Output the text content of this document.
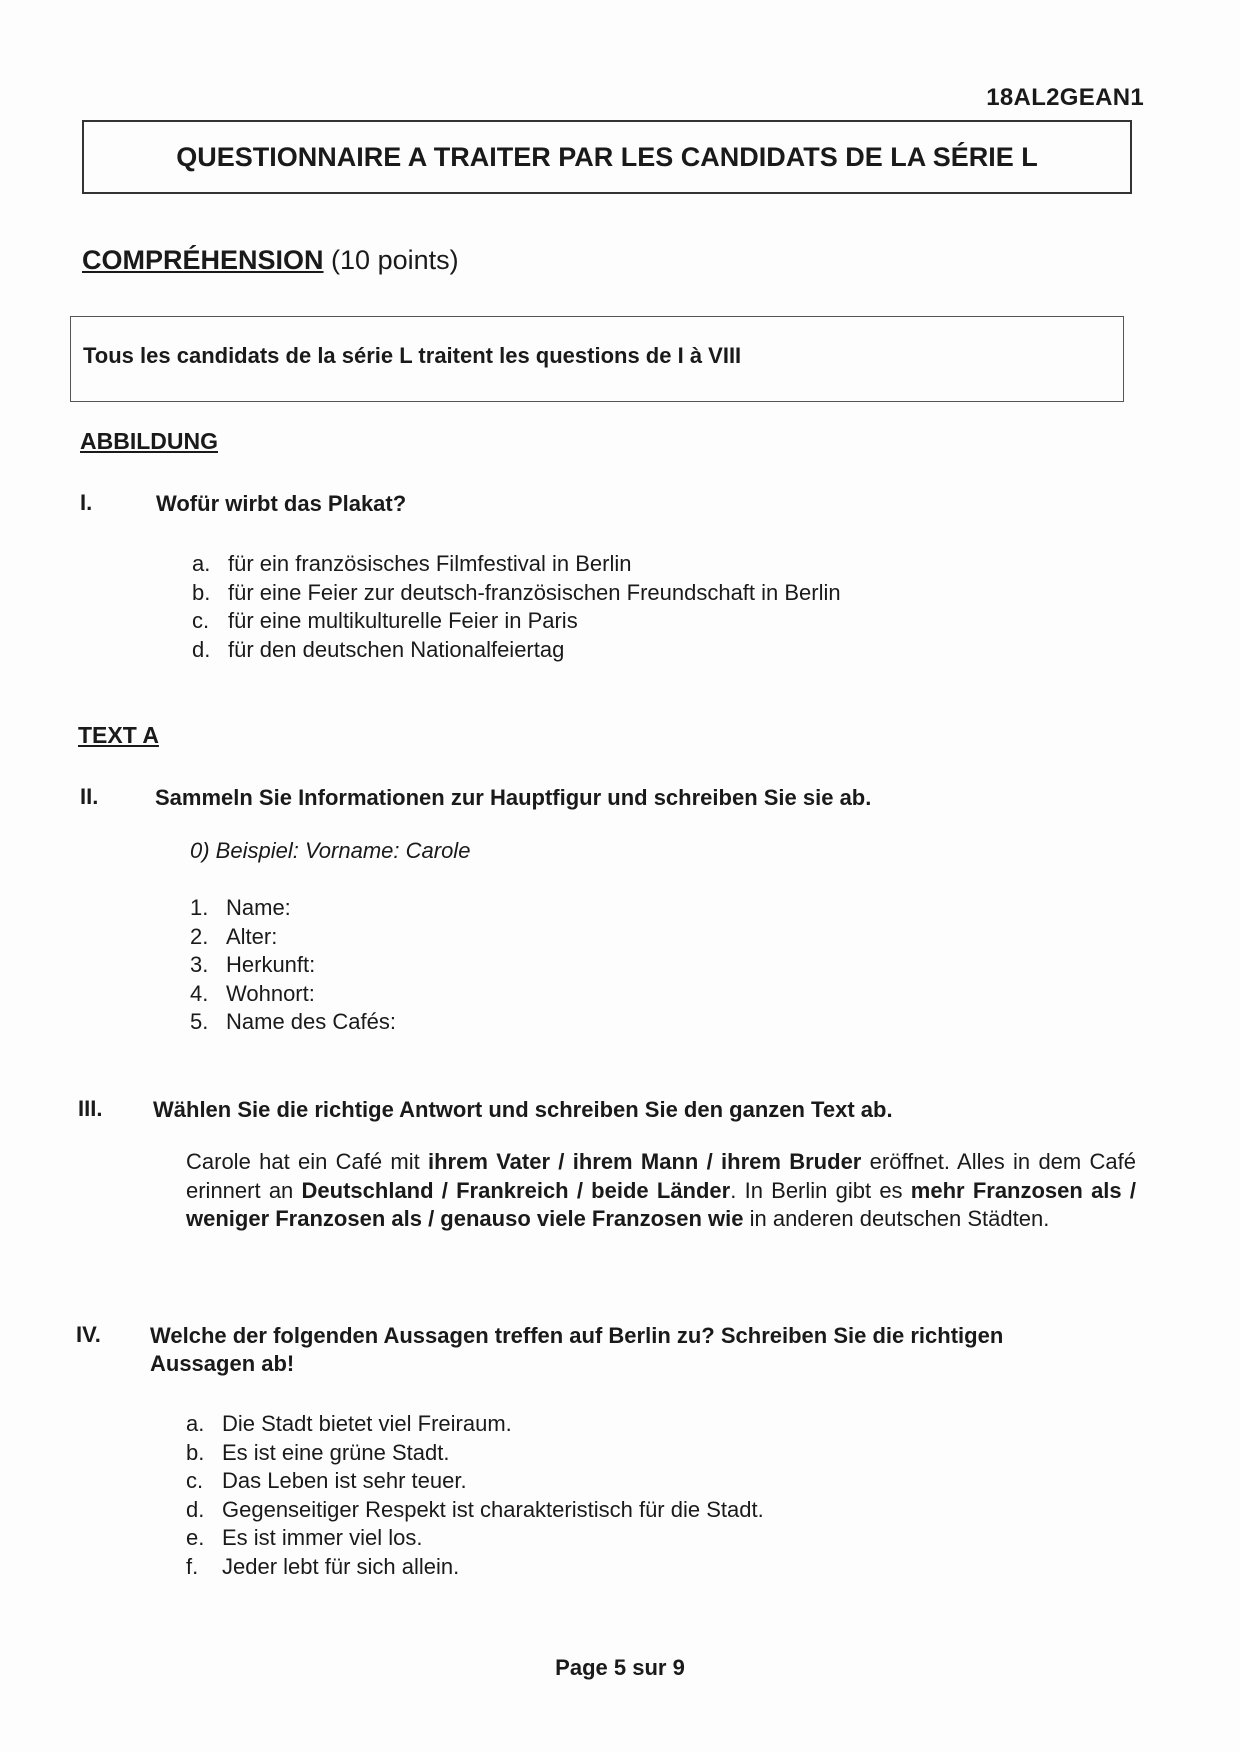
18AL2GEAN1
QUESTIONNAIRE A TRAITER PAR LES CANDIDATS DE LA SÉRIE L
COMPRÉHENSION (10 points)
Tous les candidats de la série L traitent les questions de I à VIII
ABBILDUNG
I.	Wofür wirbt das Plakat?
a. für ein französisches Filmfestival in Berlin
b. für eine Feier zur deutsch-französischen Freundschaft in Berlin
c. für eine multikulturelle Feier in Paris
d. für den deutschen Nationalfeiertag
TEXT A
II.	Sammeln Sie Informationen zur Hauptfigur und schreiben Sie sie ab.
0) Beispiel: Vorname: Carole
1. Name:
2. Alter:
3. Herkunft:
4. Wohnort:
5. Name des Cafés:
III. Wählen Sie die richtige Antwort und schreiben Sie den ganzen Text ab.
Carole hat ein Café mit ihrem Vater / ihrem Mann / ihrem Bruder eröffnet. Alles in dem Café erinnert an Deutschland / Frankreich / beide Länder. In Berlin gibt es mehr Franzosen als / weniger Franzosen als / genauso viele Franzosen wie in anderen deutschen Städten.
IV. Welche der folgenden Aussagen treffen auf Berlin zu? Schreiben Sie die richtigen Aussagen ab!
a. Die Stadt bietet viel Freiraum.
b. Es ist eine grüne Stadt.
c. Das Leben ist sehr teuer.
d. Gegenseitiger Respekt ist charakteristisch für die Stadt.
e. Es ist immer viel los.
f.	Jeder lebt für sich allein.
Page 5 sur 9
